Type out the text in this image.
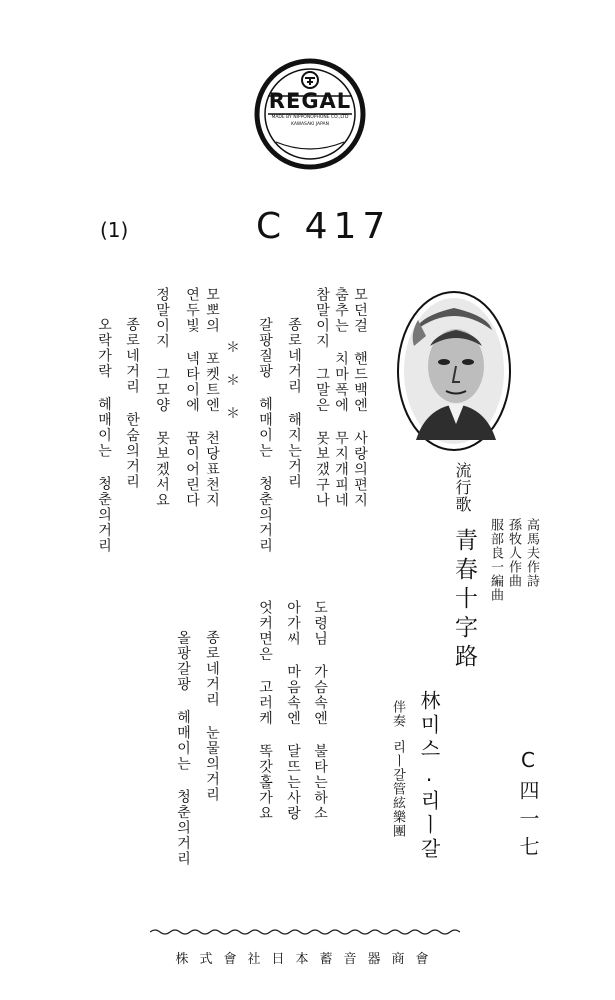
REGAL
MADE BY NIPPONOPHONE CO.,LTD
KAWASAKI JAPAN
(1)	C 417
流行歌
青春十字路	高馬夫作詩
孫牧人作曲
服部良一編曲
林미스.리ㅣ갈
伴奏
리ㅣ갈管絃樂團	C四一七
모던걸 핸드백엔 사랑의편지
춤추는 치마폭에 무지개피네
참말이지 그말은 못보갰구나
종로네거리 해지는거리
갈팡질팡 헤매이는 청춘의거리
＊ ＊ ＊
모뽀의 포켓트엔 천당표천지
연두빛 넥타이에 꿈이어린다
정말이지 그모양 못보겠서요
종로네거리 한숨의거리
오락가락 헤매이는 청춘의거리
도령님 가슴속엔 불타는하소
아가씨 마음속엔 달뜨는사랑
엇커면은 고러케 똑갓홀가요
종로네거리 눈물의거리
올팡갈팡 헤매이는 청춘의거리
株式會社日本蓄音器商會
